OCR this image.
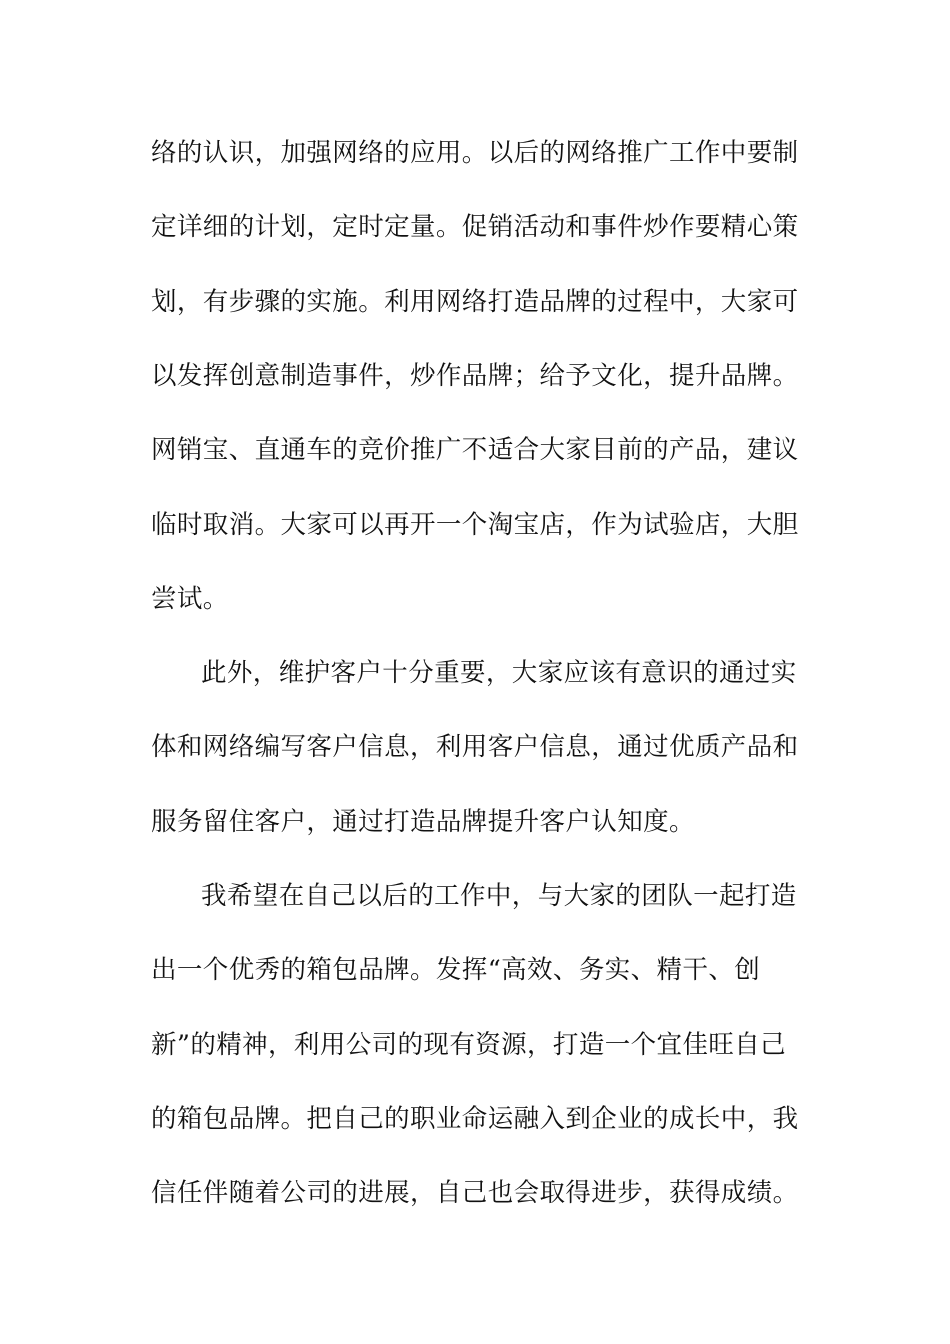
络的认识，加强网络的应用。以后的网络推广工作中要制
定详细的计划，定时定量。促销活动和事件炒作要精心策
划，有步骤的实施。利用网络打造品牌的过程中，大家可
以发挥创意制造事件，炒作品牌；给予文化，提升品牌。
网销宝、直通车的竞价推广不适合大家目前的产品，建议
临时取消。大家可以再开一个淘宝店，作为试验店，大胆
尝试。
此外，维护客户十分重要，大家应该有意识的通过实
体和网络编写客户信息，利用客户信息，通过优质产品和
服务留住客户，通过打造品牌提升客户认知度。
我希望在自己以后的工作中，与大家的团队一起打造
出一个优秀的箱包品牌。发挥“高效、务实、精干、创
新”的精神，利用公司的现有资源，打造一个宜佳旺自己
的箱包品牌。把自己的职业命运融入到企业的成长中，我
信任伴随着公司的进展，自己也会取得进步，获得成绩。
